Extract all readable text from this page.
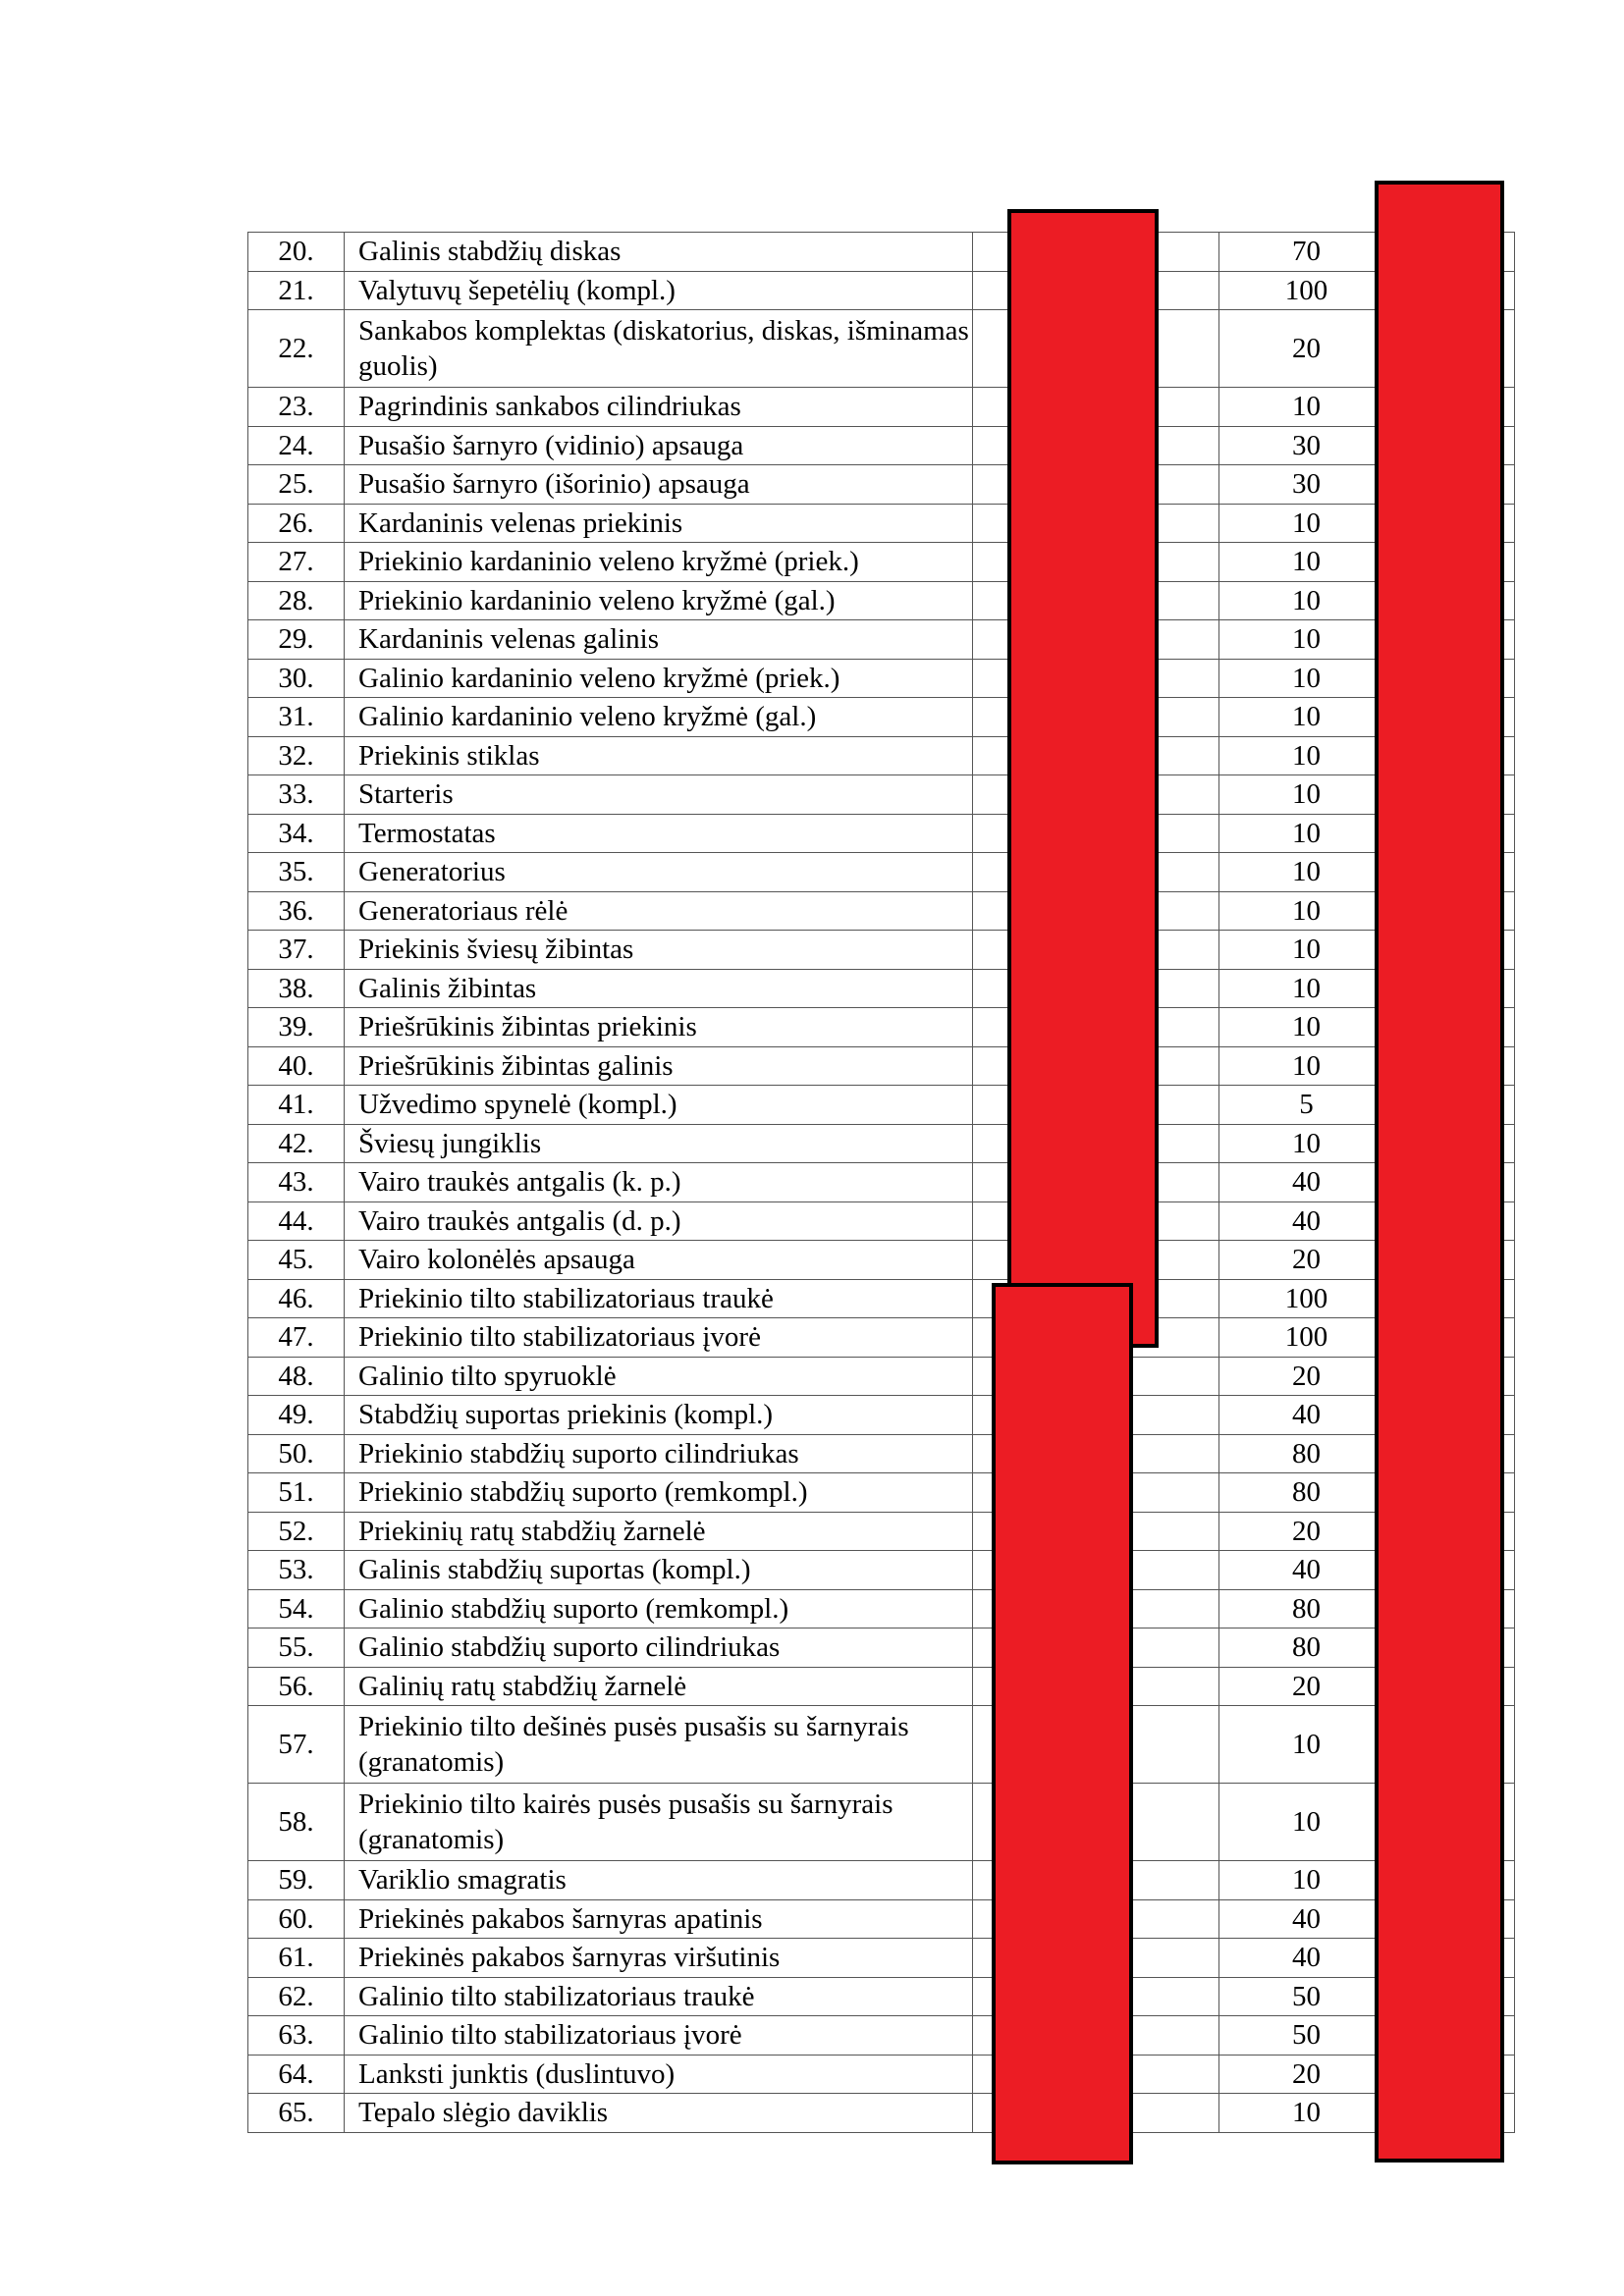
20.	Galinis stabdžių diskas			70	
21.	Valytuvų šepetėlių (kompl.)			100	
22.	Sankabos komplektas (diskatorius, diskas, išminamas guolis)			20	
23.	Pagrindinis sankabos cilindriukas			10	
24.	Pusašio šarnyro (vidinio) apsauga			30	
25.	Pusašio šarnyro (išorinio) apsauga			30	
26.	Kardaninis velenas priekinis			10	
27.	Priekinio kardaninio veleno kryžmė (priek.)			10	
28.	Priekinio kardaninio veleno kryžmė (gal.)			10	
29.	Kardaninis velenas galinis			10	
30.	Galinio kardaninio veleno kryžmė (priek.)			10	
31.	Galinio kardaninio veleno kryžmė (gal.)			10	
32.	Priekinis stiklas			10	
33.	Starteris			10	
34.	Termostatas			10	
35.	Generatorius			10	
36.	Generatoriaus rėlė			10	
37.	Priekinis šviesų žibintas			10	
38.	Galinis žibintas			10	
39.	Priešrūkinis žibintas priekinis			10	
40.	Priešrūkinis žibintas galinis			10	
41.	Užvedimo spynelė (kompl.)			5	
42.	Šviesų jungiklis			10	
43.	Vairo traukės antgalis (k. p.)			40	
44.	Vairo traukės antgalis (d. p.)			40	
45.	Vairo kolonėlės apsauga			20	
46.	Priekinio tilto stabilizatoriaus traukė			100	
47.	Priekinio tilto stabilizatoriaus įvorė			100	
48.	Galinio tilto spyruoklė			20	
49.	Stabdžių suportas priekinis (kompl.)			40	
50.	Priekinio stabdžių suporto cilindriukas			80	
51.	Priekinio stabdžių suporto (remkompl.)			80	
52.	Priekinių ratų stabdžių žarnelė			20	
53.	Galinis stabdžių suportas (kompl.)			40	
54.	Galinio stabdžių suporto (remkompl.)			80	
55.	Galinio stabdžių suporto cilindriukas			80	
56.	Galinių ratų stabdžių žarnelė			20	
57.	Priekinio tilto dešinės pusės pusašis su šarnyrais (granatomis)			10	
58.	Priekinio tilto kairės pusės pusašis su šarnyrais (granatomis)			10	
59.	Variklio smagratis			10	
60.	Priekinės pakabos šarnyras apatinis			40	
61.	Priekinės pakabos šarnyras viršutinis			40	
62.	Galinio tilto stabilizatoriaus traukė			50	
63.	Galinio tilto stabilizatoriaus įvorė			50	
64.	Lanksti junktis (duslintuvo)			20	
65.	Tepalo slėgio daviklis			10	
